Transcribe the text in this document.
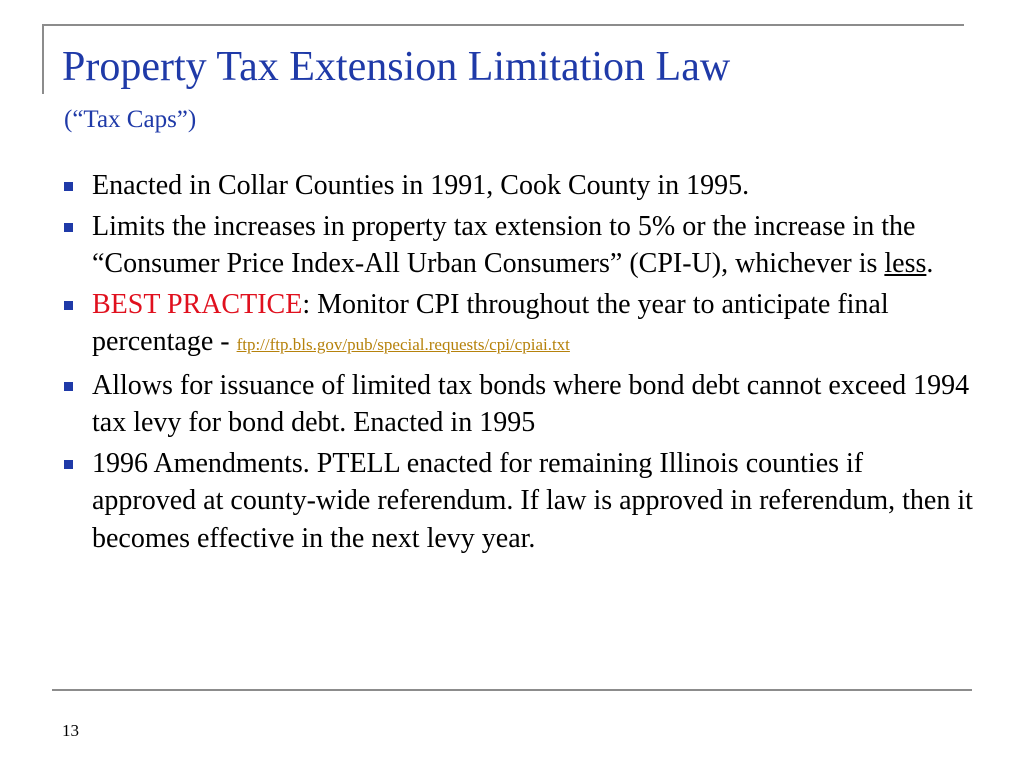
Property Tax Extension Limitation Law
(“Tax Caps”)
Enacted in Collar Counties in 1991, Cook County in 1995.
Limits the increases in property tax extension to 5% or the increase in the “Consumer Price Index-All Urban Consumers” (CPI-U), whichever is less.
BEST PRACTICE: Monitor CPI throughout the year to anticipate final percentage - ftp://ftp.bls.gov/pub/special.requests/cpi/cpiai.txt
Allows for issuance of limited tax bonds where bond debt cannot exceed 1994 tax levy for bond debt. Enacted in 1995
1996 Amendments. PTELL enacted for remaining Illinois counties if approved at county-wide referendum. If law is approved in referendum, then it becomes effective in the next levy year.
13
